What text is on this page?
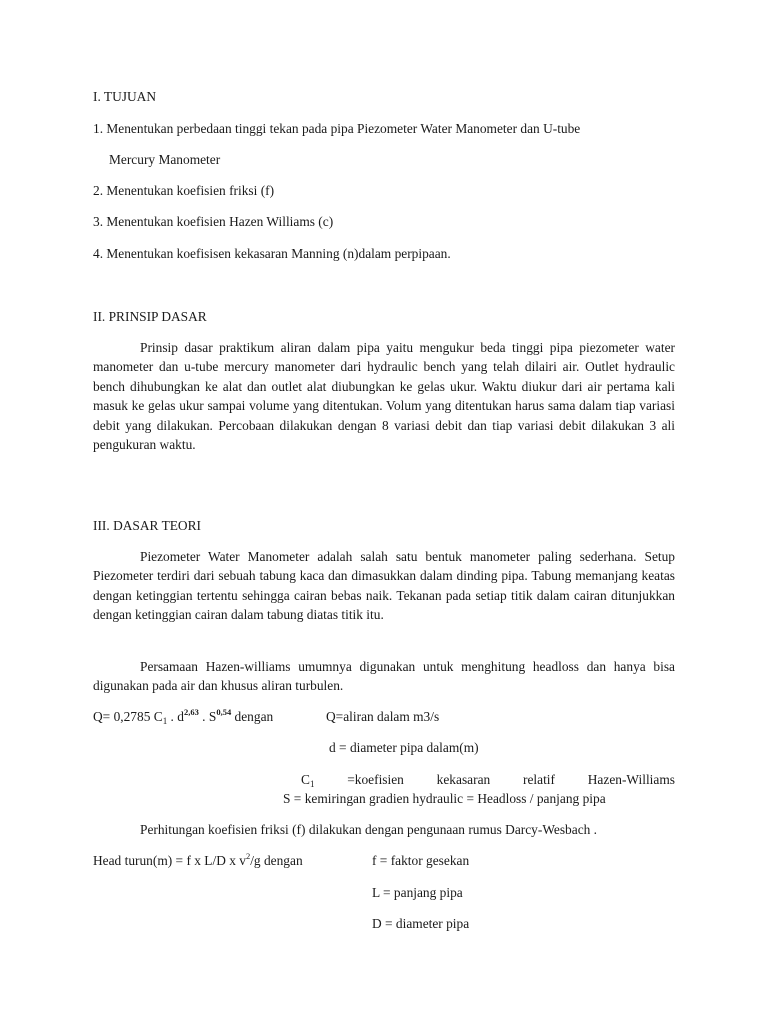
I. TUJUAN
1. Menentukan perbedaan tinggi tekan pada pipa Piezometer Water Manometer dan U-tube
Mercury Manometer
2. Menentukan koefisien friksi (f)
3. Menentukan koefisien Hazen Williams (c)
4. Menentukan koefisisen kekasaran Manning (n)dalam perpipaan.
II. PRINSIP DASAR
Prinsip dasar praktikum aliran dalam pipa yaitu mengukur beda tinggi pipa piezometer water manometer dan u-tube mercury manometer dari hydraulic bench yang telah dilairi air. Outlet hydraulic bench dihubungkan ke alat dan outlet alat diubungkan ke gelas ukur. Waktu diukur dari air pertama kali masuk ke gelas ukur sampai volume yang ditentukan. Volum yang ditentukan harus sama dalam tiap variasi debit yang dilakukan. Percobaan dilakukan dengan 8 variasi debit dan tiap variasi debit dilakukan 3 ali pengukuran waktu.
III. DASAR TEORI
Piezometer Water Manometer adalah salah satu bentuk manometer paling sederhana. Setup Piezometer terdiri dari sebuah tabung kaca dan dimasukkan dalam dinding pipa. Tabung memanjang keatas dengan ketinggian tertentu sehingga cairan bebas naik. Tekanan pada setiap titik dalam cairan ditunjukkan dengan ketinggian cairan dalam tabung diatas titik itu.
Persamaan Hazen-williams umumnya digunakan untuk menghitung headloss dan hanya bisa digunakan pada air dan khusus aliran turbulen.
Q= 0,2785 $C_1$ . $d^{2,63}$ . S$^{0,54}$ dengan	Q=aliran dalam m3/s
d = diameter pipa dalam(m)
$C_1$ =koefisien kekasaran relatif Hazen-Williams
S = kemiringan gradien hydraulic = Headloss / panjang pipa
Perhitungan koefisien friksi (f) dilakukan dengan pengunaan rumus Darcy-Wesbach .
Head turun(m) = f x L/D x $v^2/g$ dengan	f = faktor gesekan
L = panjang pipa
D = diameter pipa
